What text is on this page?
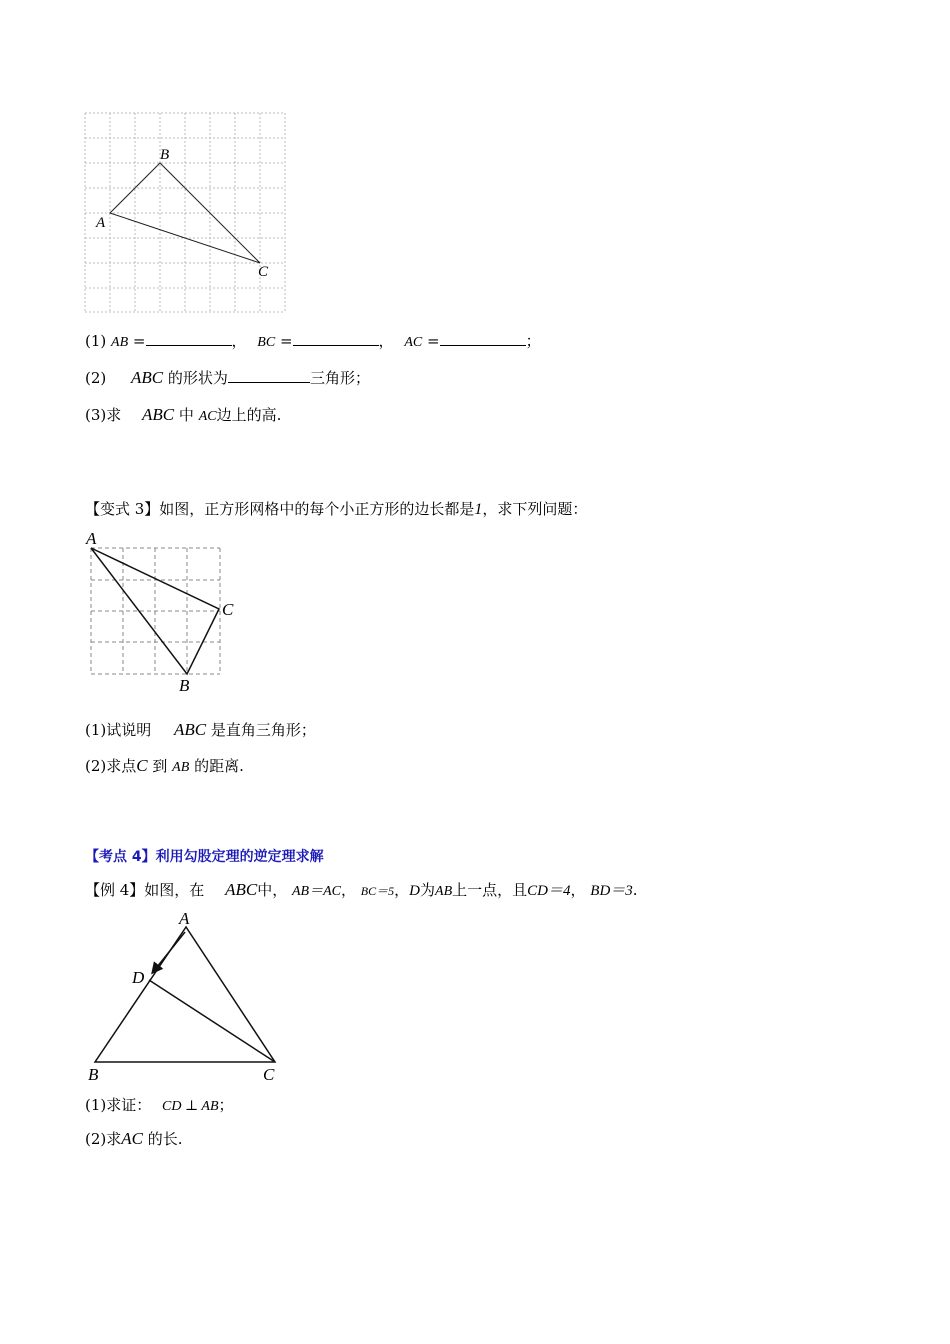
A
B
C
(1) AB =	， BC =	， AC =	；
(2) ABC 的形状为	三角形；
(3)求 ABC 中 AC边上的高.
【变式 3】如图，正方形网格中的每个小正方形的边长都是1，求下列问题：
A
C
B
(1)试说明 ABC 是直角三角形；
(2)求点C 到 AB 的距离.
【考点 4】利用勾股定理的逆定理求解
【例 4】如图，在 ABC中， AB＝AC， BC＝5，D为AB上一点，且CD＝4， BD＝3.
A
D
B	C
(1)求证： CD ⊥ AB；
(2)求AC 的长.
